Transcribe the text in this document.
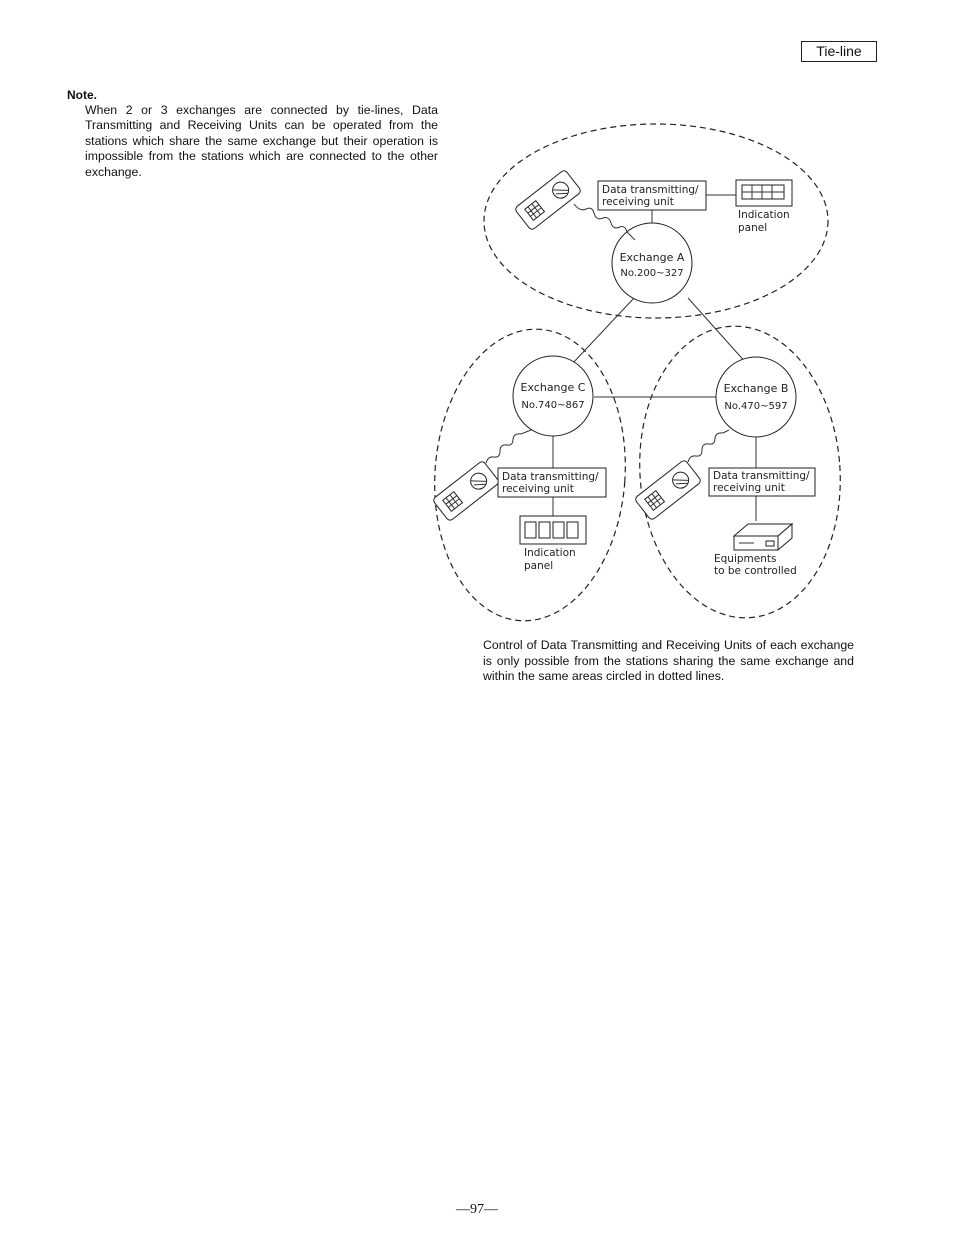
Tie-line
Note.
When 2 or 3 exchanges are connected by tie-lines, Data Transmitting and Receiving Units can be operated from the stations which share the same exchange but their operation is impossible from the stations which are connected to the other exchange.
Exchange A
No.200~327
Data transmitting/
receiving unit
Indication
panel
Exchange C
No.740~867
Data transmitting/
receiving unit
Indication
panel
Exchange B
No.470~597
Data transmitting/
receiving unit
Equipments
to be controlled
Control of Data Transmitting and Receiving Units of each exchange is only possible from the stations sharing the same exchange and within the same areas circled in dotted lines.
—97—
